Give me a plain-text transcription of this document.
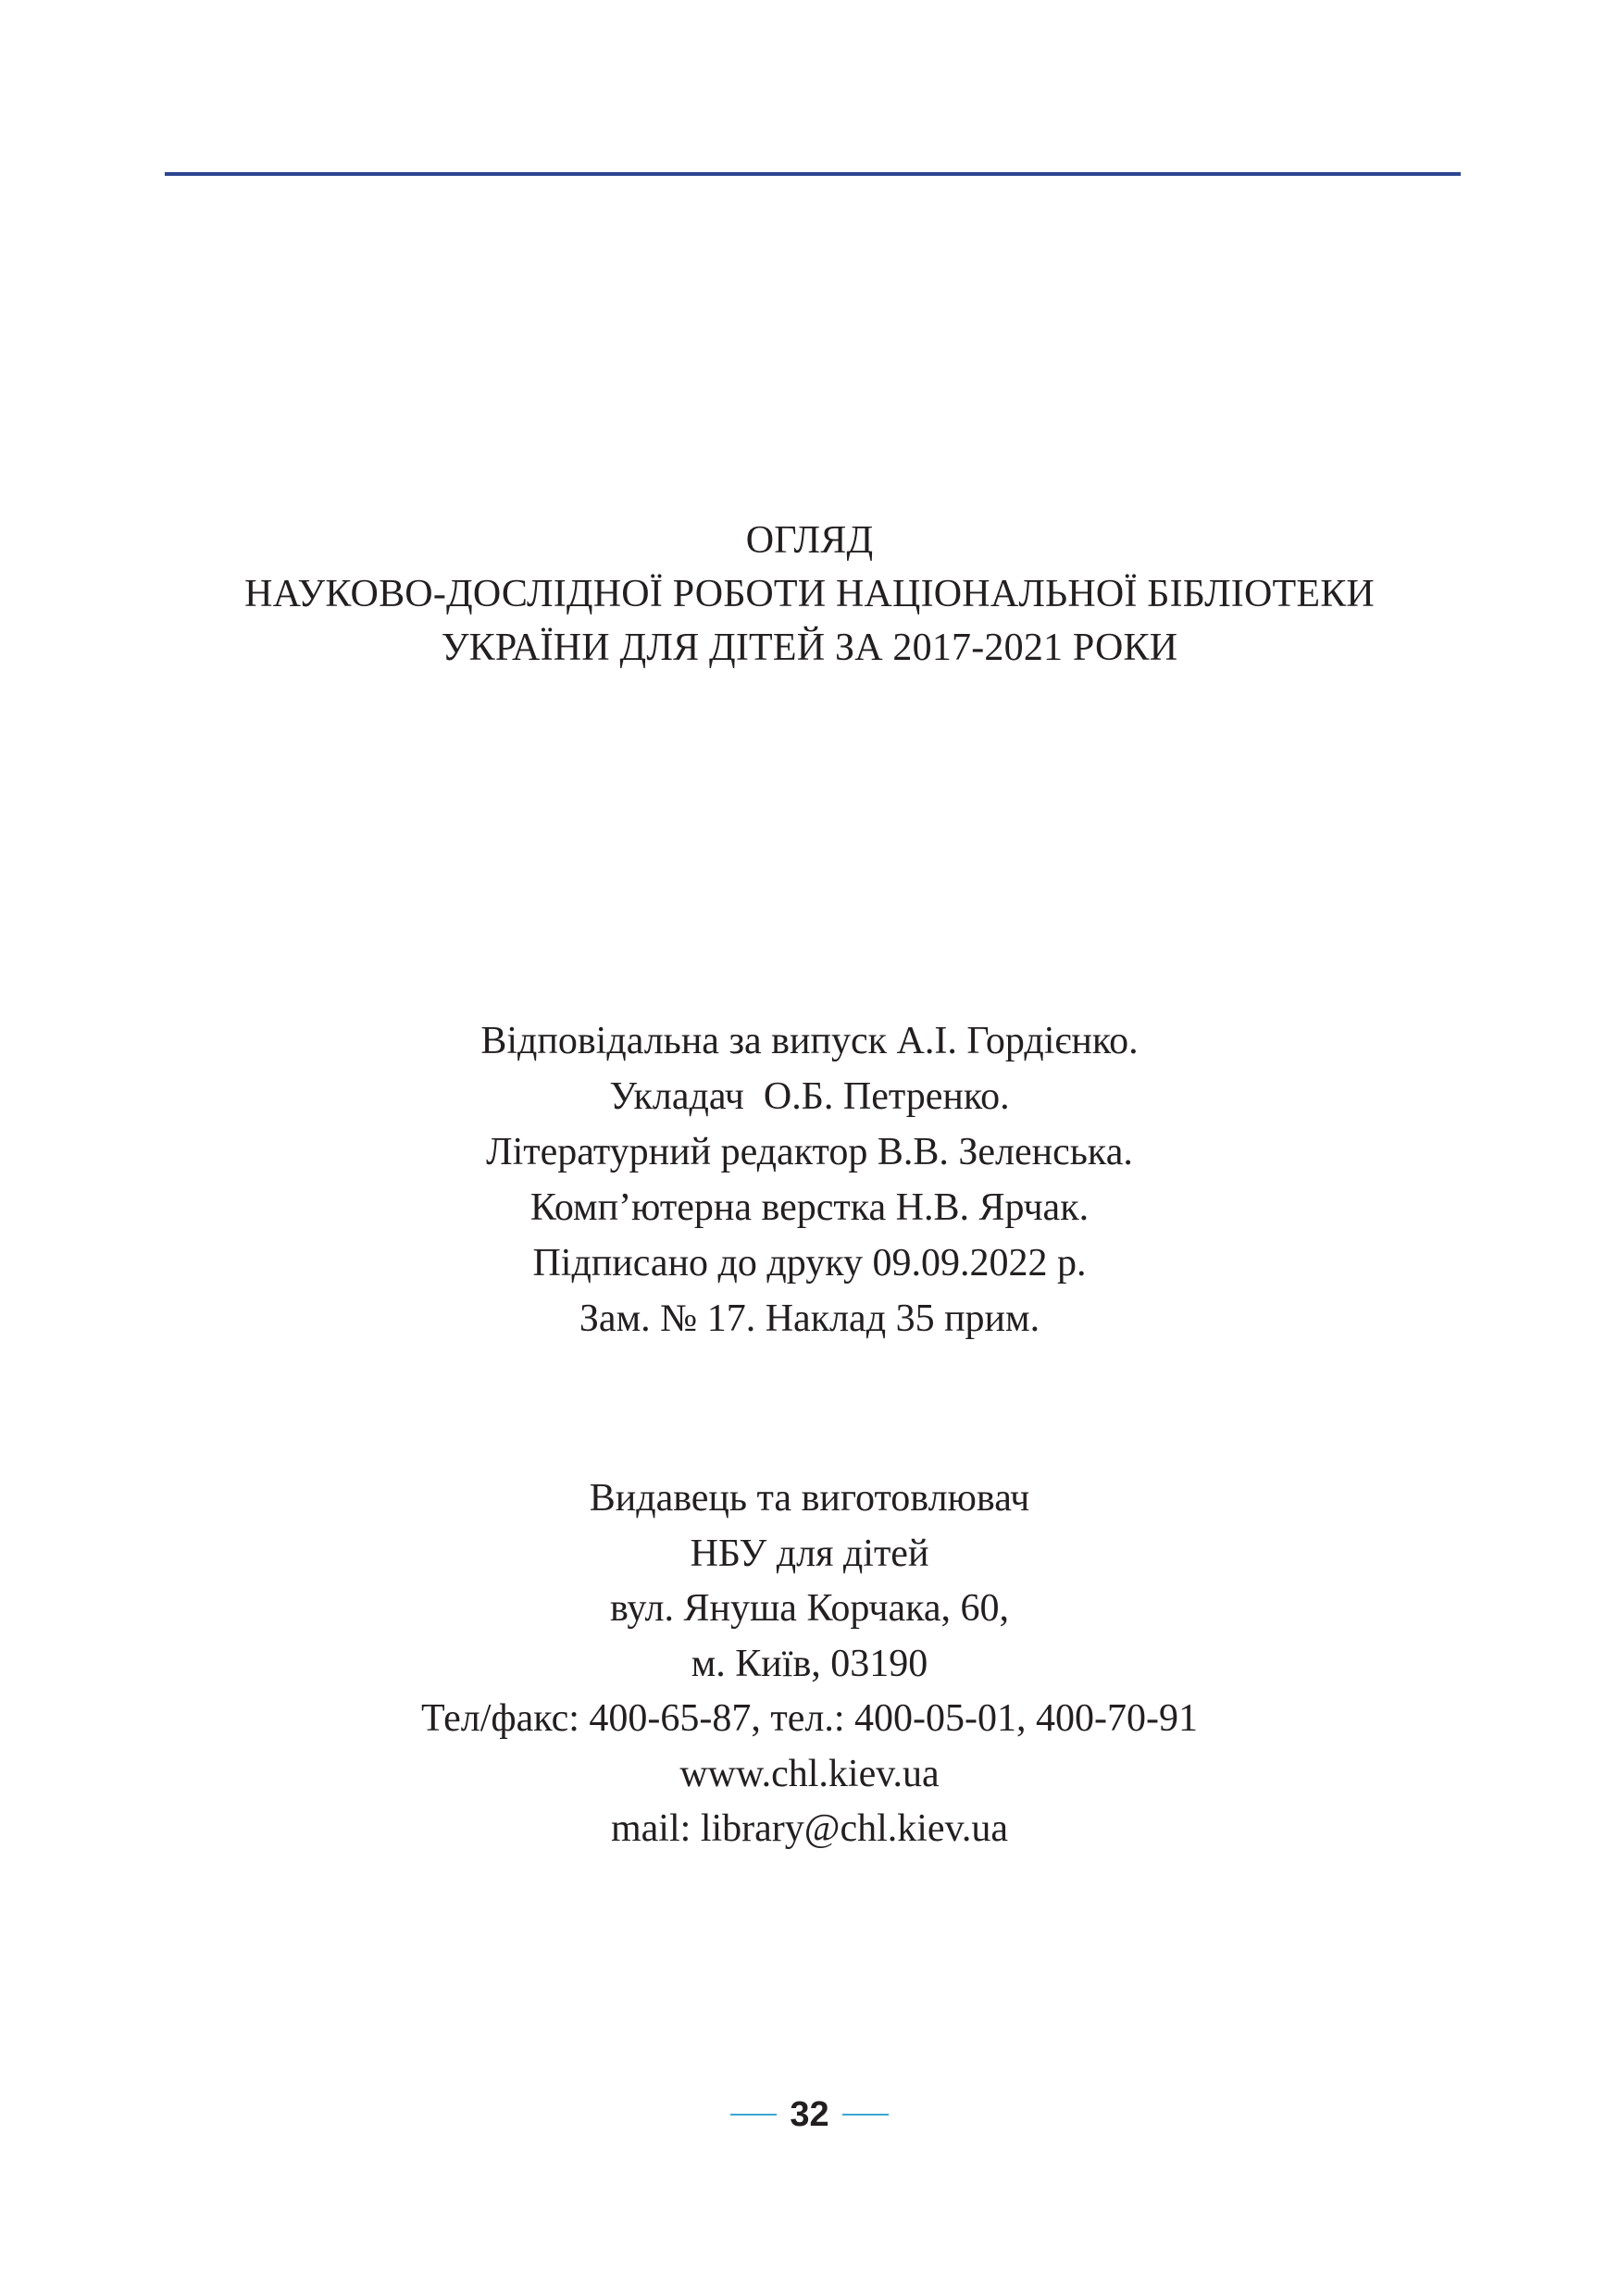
ОГЛЯД
НАУКОВО-ДОСЛІДНОЇ РОБОТИ НАЦІОНАЛЬНОЇ БІБЛІОТЕКИ
УКРАЇНИ ДЛЯ ДІТЕЙ ЗА 2017-2021 РОКИ
Відповідальна за випуск А.І. Гордієнко.
Укладач  О.Б. Петренко.
Літературний редактор В.В. Зеленська.
Комп’ютерна верстка Н.В. Ярчак.
Підписано до друку 09.09.2022 р.
Зам. № 17. Наклад 35 прим.
Видавець та виготовлювач
НБУ для дітей
вул. Януша Корчака, 60,
м. Київ, 03190
Тел/факс: 400-65-87, тел.: 400-05-01, 400-70-91
www.chl.kiev.ua
mail: library@chl.kiev.ua
32
